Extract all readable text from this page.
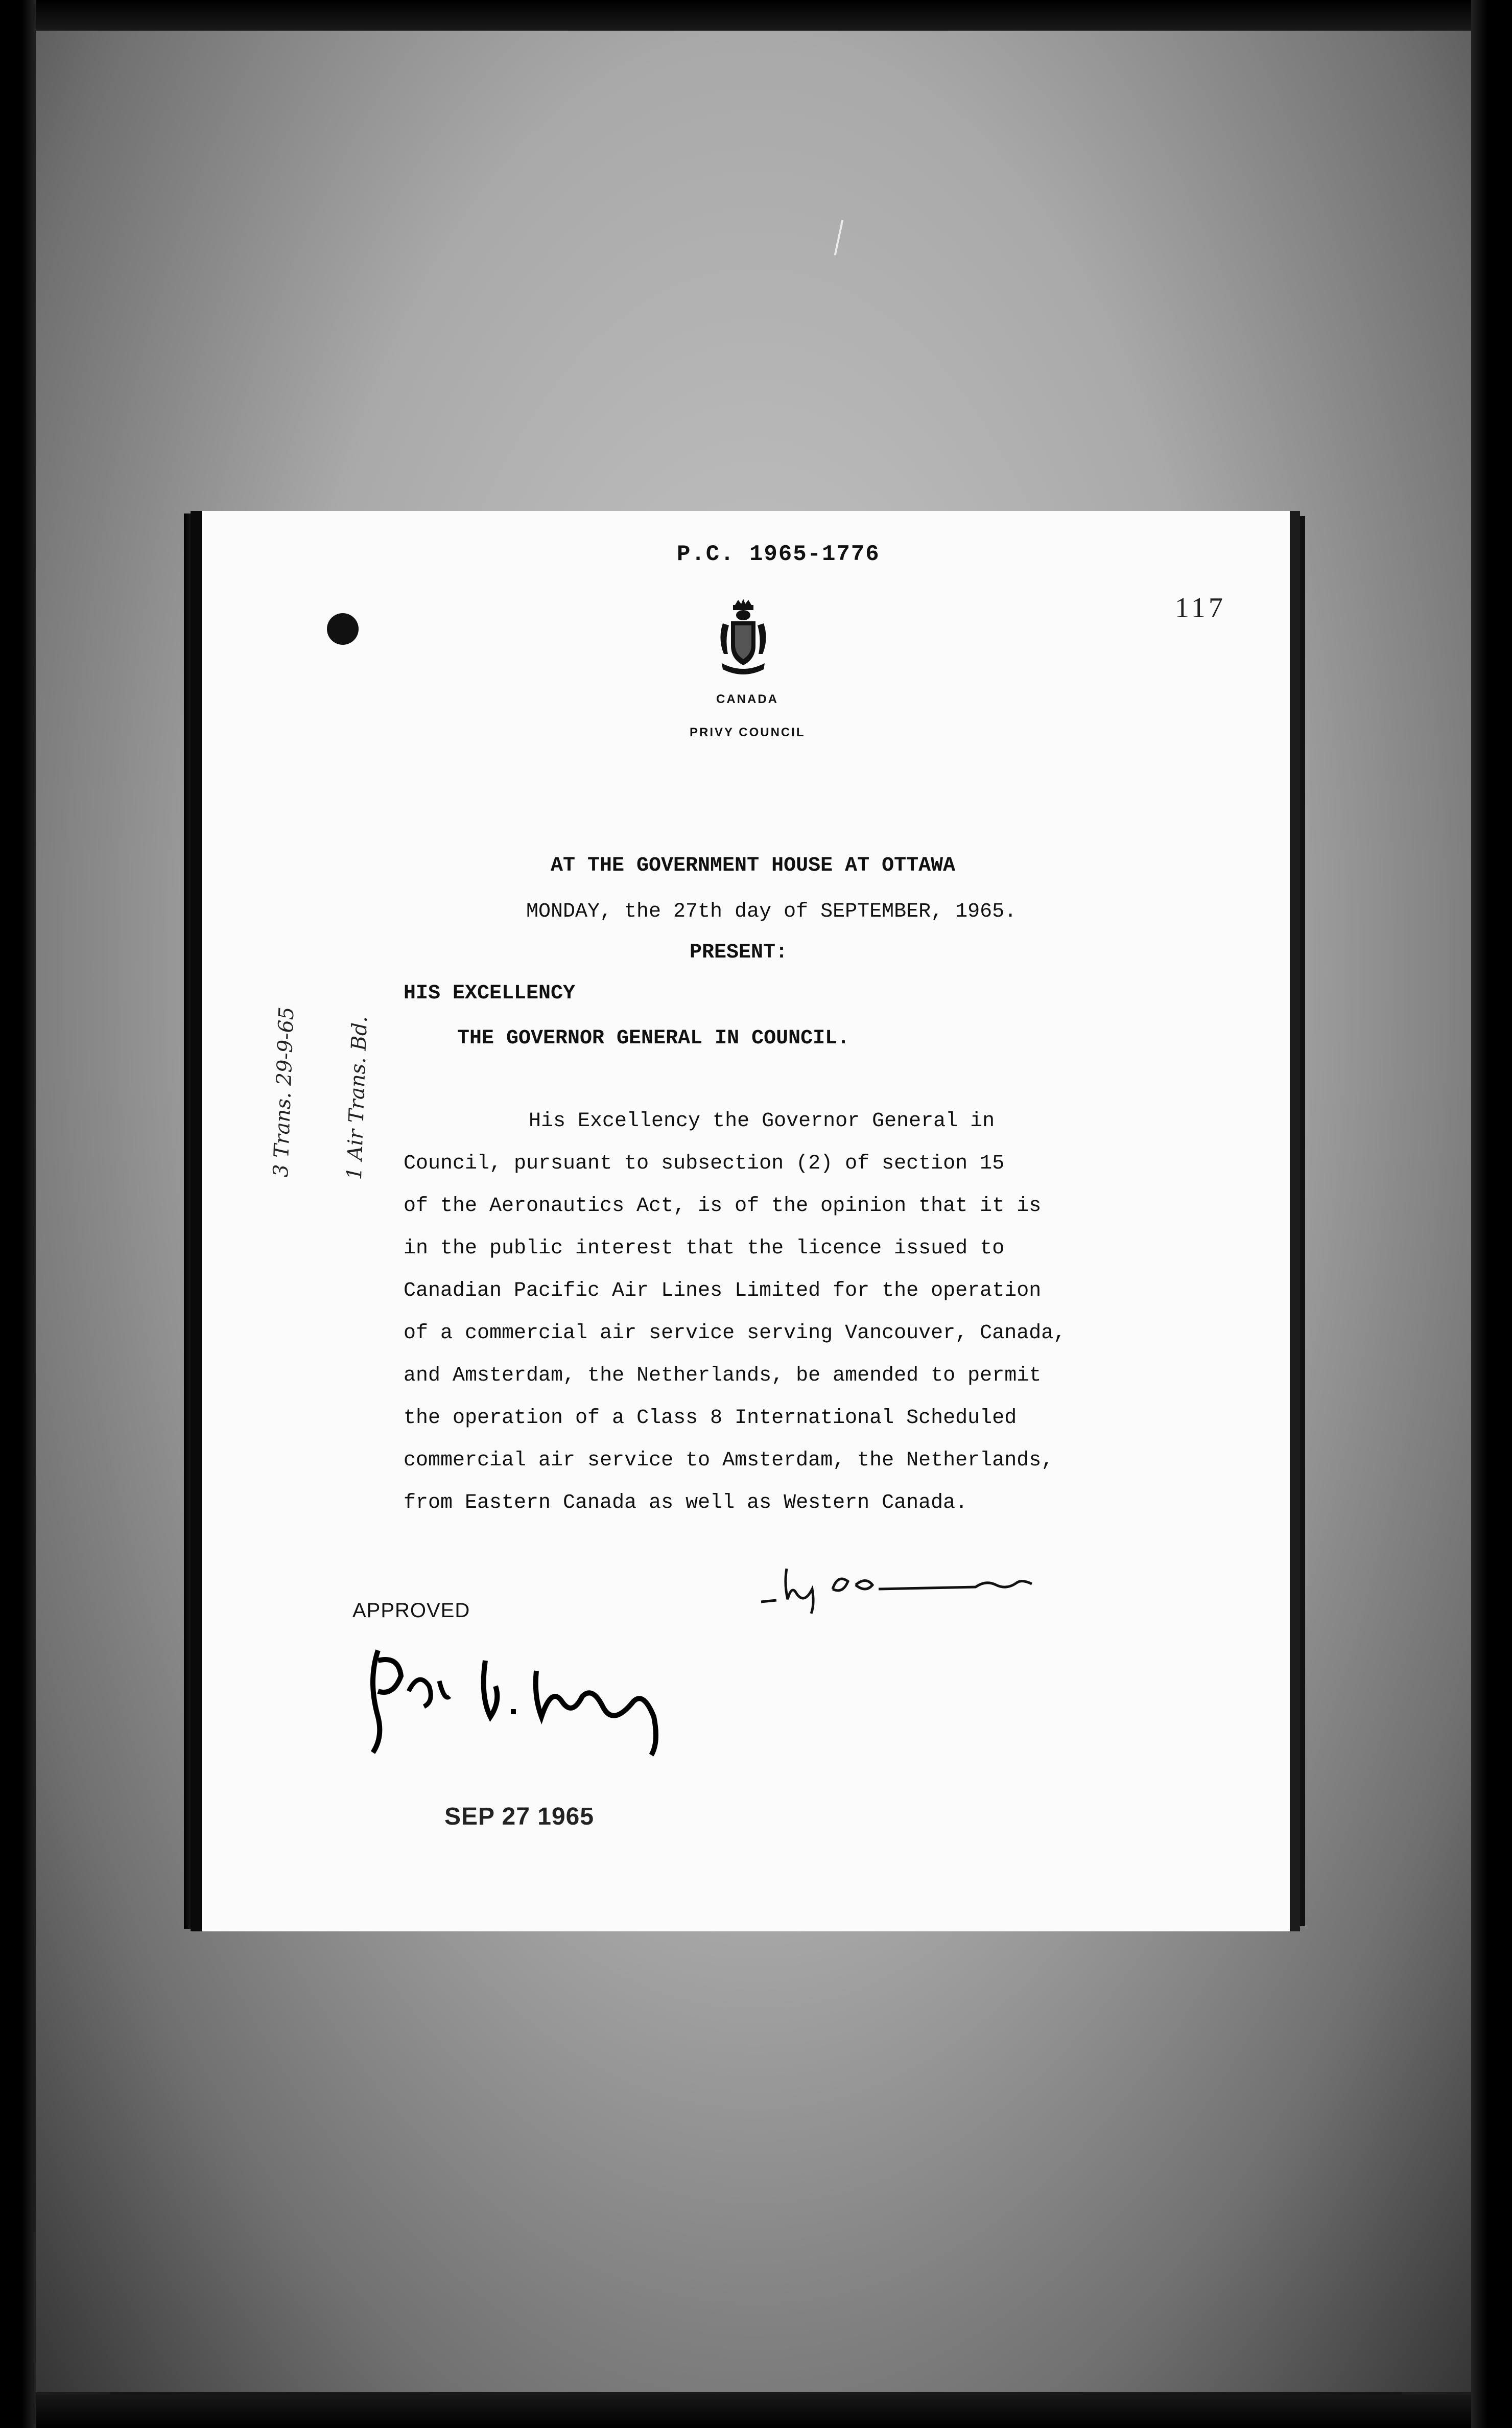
P.C. 1965-1776
117
CANADA
PRIVY COUNCIL
AT THE GOVERNMENT HOUSE AT OTTAWA
MONDAY, the 27th day of SEPTEMBER, 1965.
PRESENT:
HIS EXCELLENCY
THE GOVERNOR GENERAL IN COUNCIL.
His Excellency the Governor General in
Council, pursuant to subsection (2) of section 15
of the Aeronautics Act, is of the opinion that it is
in the public interest that the licence issued to
Canadian Pacific Air Lines Limited for the operation
of a commercial air service serving Vancouver, Canada,
and Amsterdam, the Netherlands, be amended to permit
the operation of a Class 8 International Scheduled
commercial air service to Amsterdam, the Netherlands,
from Eastern Canada as well as Western Canada.

3 Trans. 29-9-65

1 Air Trans. Bd.

APPROVED
SEP 27 1965
